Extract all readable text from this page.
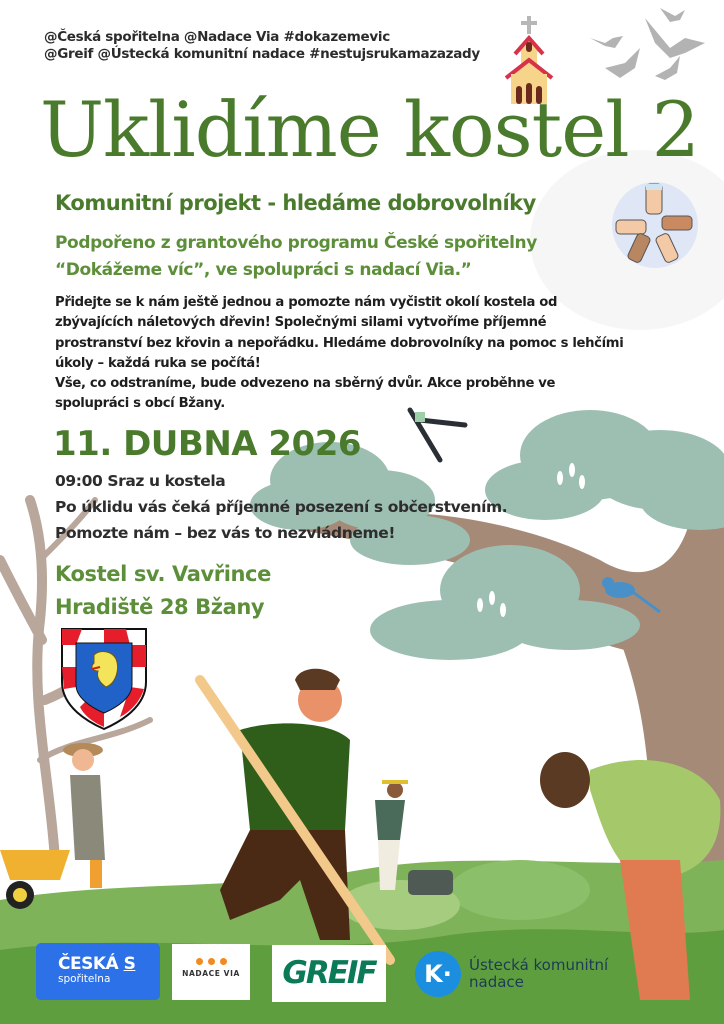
@Česká spořitelna @Nadace Via #dokazemevic
@Greif @Ústecká komunitní nadace #nestujsrukamazazady
Uklidíme kostel 2
Komunitní projekt - hledáme dobrovolníky
Podpořeno z grantového programu České spořitelny
“Dokážeme víc”, ve spolupráci s nadací Via.”
Přidejte se k nám ještě jednou a pomozte nám vyčistit okolí kostela od
zbývajících náletových dřevin! Společnými silami vytvoříme příjemné
prostranství bez křovin a nepořádku. Hledáme dobrovolníky na pomoc s lehčími
úkoly – každá ruka se počítá!
Vše, co odstraníme, bude odvezeno na sběrný dvůr. Akce proběhne ve
spolupráci s obcí Bžany.
11. DUBNA 2026
09:00 Sraz u kostela
Po úklidu vás čeká příjemné posezení s občerstvením.
Pomozte nám – bez vás to nezvládneme!
Kostel sv. Vavřince
Hradiště 28 Bžany
ČESKÁ S
spořitelna	NADACE VIA	GREIF	K·	Ústecká komunitní
nadace
